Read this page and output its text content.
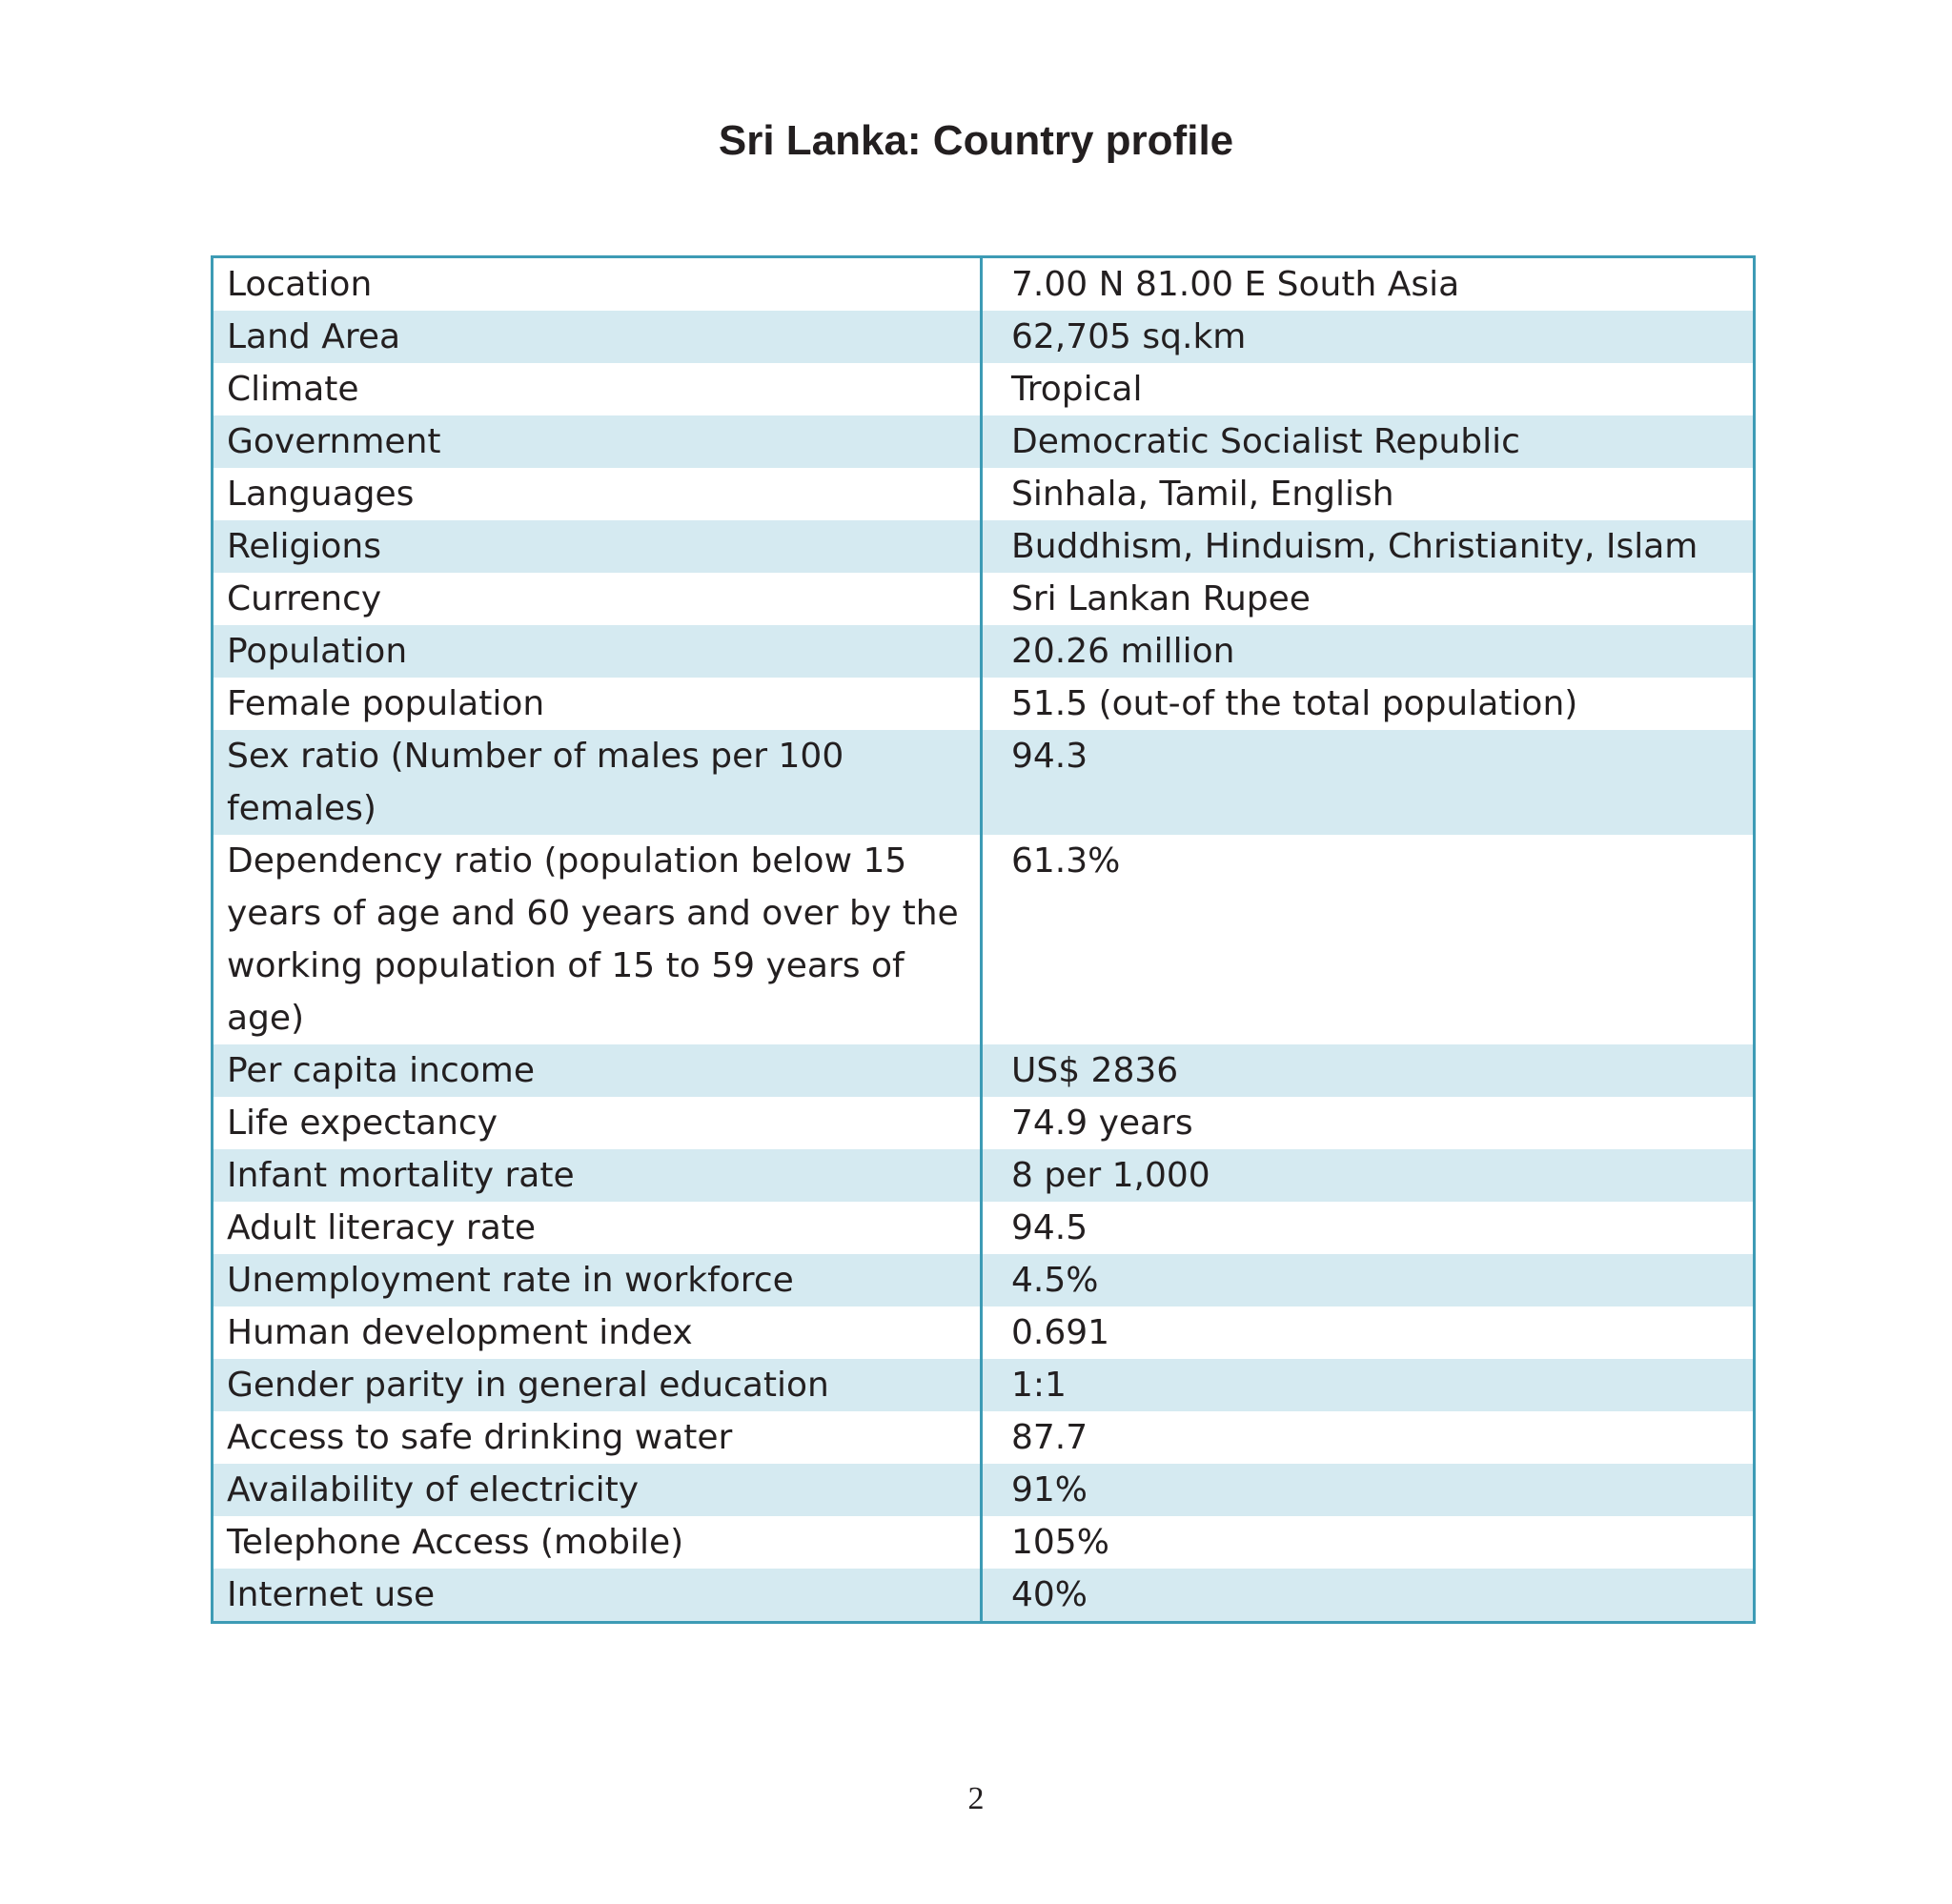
Sri Lanka: Country profile
Location	7.00 N 81.00 E South Asia
Land Area	62,705 sq.km
Climate	Tropical
Government	Democratic Socialist Republic
Languages	Sinhala, Tamil, English
Religions	Buddhism, Hinduism, Christianity, Islam
Currency	Sri Lankan Rupee
Population	20.26 million
Female population	51.5 (out-of the total population)
Sex ratio (Number of males per 100 females)	94.3
Dependency ratio (population below 15 years of age and 60 years and over by the working population of 15 to 59 years of age)	61.3%
Per capita income	US$ 2836
Life expectancy	74.9 years
Infant mortality rate	8 per 1,000
Adult literacy rate	94.5
Unemployment rate in workforce	4.5%
Human development index	0.691
Gender parity in general education	1:1
Access to safe drinking water	87.7
Availability of electricity	91%
Telephone Access (mobile)	105%
Internet use	40%
2
